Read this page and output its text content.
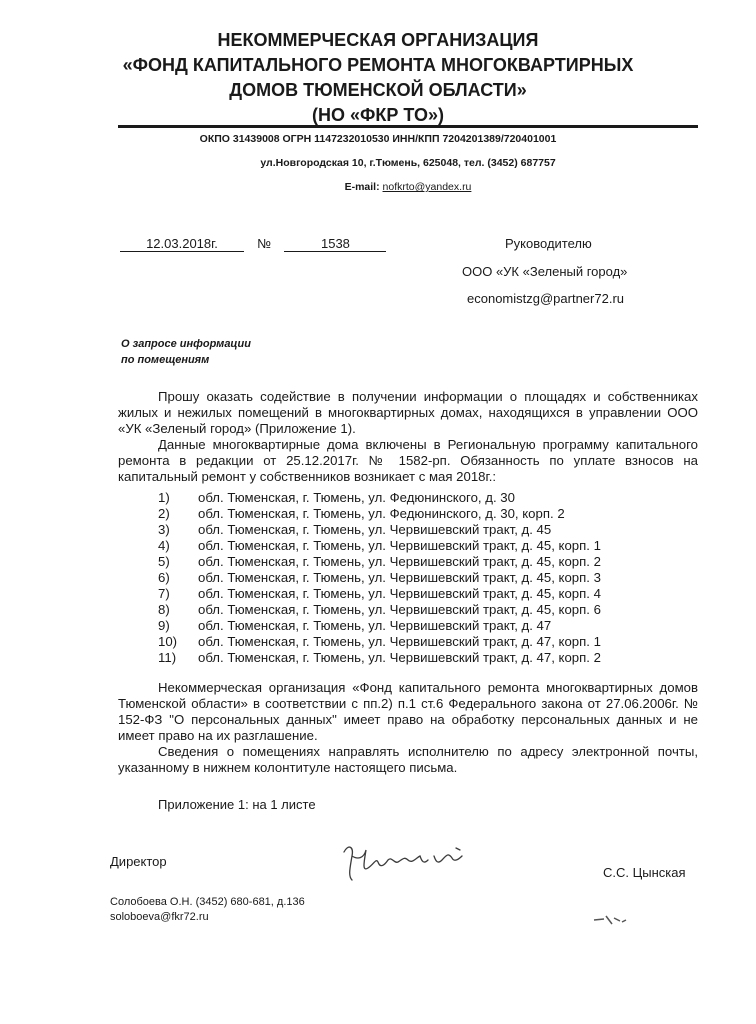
НЕКОММЕРЧЕСКАЯ ОРГАНИЗАЦИЯ
«ФОНД КАПИТАЛЬНОГО РЕМОНТА МНОГОКВАРТИРНЫХ
ДОМОВ ТЮМЕНСКОЙ ОБЛАСТИ»
(НО «ФКР ТО»)
ОКПО 31439008 ОГРН 1147232010530 ИНН/КПП 7204201389/720401001
ул.Новгородская 10, г.Тюмень, 625048, тел. (3452) 687757
E-mail: nofkrto@yandex.ru
12.03.2018г.	№	1538	Руководителю
ООО «УК «Зеленый город»
economistzg@partner72.ru
О запросе информации
по помещениям

Прошу оказать содействие в получении информации о площадях и собственниках жилых и нежилых помещений в многоквартирных домах, находящихся в управлении ООО «УК «Зеленый город» (Приложение 1).

Данные многоквартирные дома включены в Региональную программу капитального ремонта в редакции от 25.12.2017г. № 1582-рп. Обязанность по уплате взносов на капитальный ремонт у собственников возникает с мая 2018г.:

1) обл. Тюменская, г. Тюмень, ул. Федюнинского, д. 30
2) обл. Тюменская, г. Тюмень, ул. Федюнинского, д. 30, корп. 2
3) обл. Тюменская, г. Тюмень, ул. Червишевский тракт, д. 45
4) обл. Тюменская, г. Тюмень, ул. Червишевский тракт, д. 45, корп. 1
5) обл. Тюменская, г. Тюмень, ул. Червишевский тракт, д. 45, корп. 2
6) обл. Тюменская, г. Тюмень, ул. Червишевский тракт, д. 45, корп. 3
7) обл. Тюменская, г. Тюмень, ул. Червишевский тракт, д. 45, корп. 4
8) обл. Тюменская, г. Тюмень, ул. Червишевский тракт, д. 45, корп. 6
9) обл. Тюменская, г. Тюмень, ул. Червишевский тракт, д. 47
10) обл. Тюменская, г. Тюмень, ул. Червишевский тракт, д. 47, корп. 1
11) обл. Тюменская, г. Тюмень, ул. Червишевский тракт, д. 47, корп. 2

Некоммерческая организация «Фонд капитального ремонта многоквартирных домов Тюменской области» в соответствии с пп.2) п.1 ст.6 Федерального закона от 27.06.2006г. № 152-ФЗ "О персональных данных" имеет право на обработку персональных данных и не имеет право на их разглашение.

Сведения о помещениях направлять исполнителю по адресу электронной почты, указанному в нижнем колонтитуле настоящего письма.

Приложение 1: на 1 листе
Директор
С.С. Цынская
Солобоева О.Н. (3452) 680-681, д.136
soloboeva@fkr72.ru
